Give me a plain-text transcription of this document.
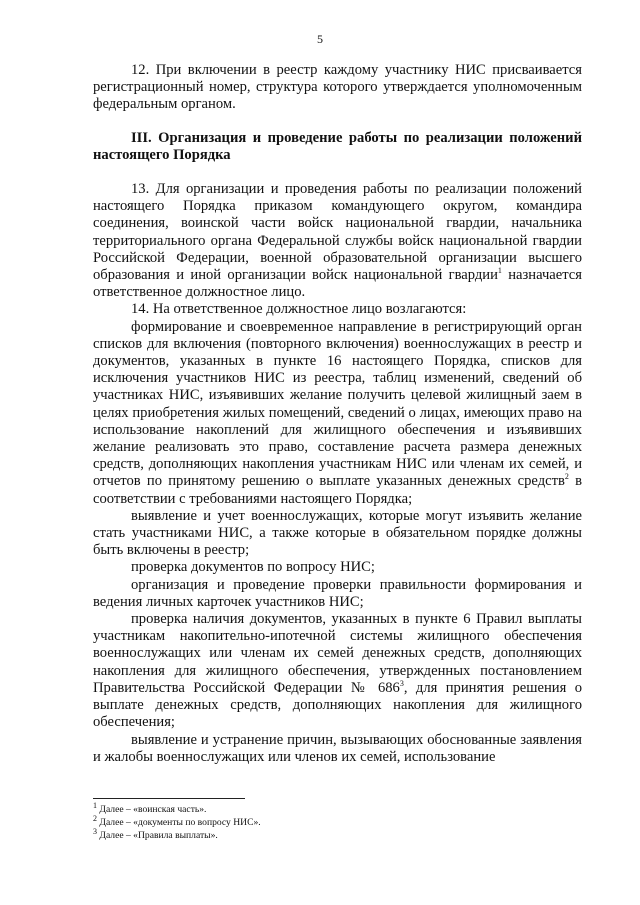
5

12. При включении в реестр каждому участнику НИС присваивается регистрационный номер, структура которого утверждается уполномоченным федеральным органом.

III. Организация и проведение работы по реализации положений настоящего Порядка

13. Для организации и проведения работы по реализации положений настоящего Порядка приказом командующего округом, командира соединения, воинской части войск национальной гвардии, начальника территориального органа Федеральной службы войск национальной гвардии Российской Федерации, военной образовательной организации высшего образования и иной организации войск национальной гвардии$^1$ назначается ответственное должностное лицо.

14. На ответственное должностное лицо возлагаются:

формирование и своевременное направление в регистрирующий орган списков для включения (повторного включения) военнослужащих в реестр и документов, указанных в пункте 16 настоящего Порядка, списков для исключения участников НИС из реестра, таблиц изменений, сведений об участниках НИС, изъявивших желание получить целевой жилищный заем в целях приобретения жилых помещений, сведений о лицах, имеющих право на использование накоплений для жилищного обеспечения и изъявивших желание реализовать это право, составление расчета размера денежных средств, дополняющих накопления участникам НИС или членам их семей, и отчетов по принятому решению о выплате указанных денежных средств$^2$ в соответствии с требованиями настоящего Порядка;

выявление и учет военнослужащих, которые могут изъявить желание стать участниками НИС, а также которые в обязательном порядке должны быть включены в реестр;

проверка документов по вопросу НИС;

организация и проведение проверки правильности формирования и ведения личных карточек участников НИС;

проверка наличия документов, указанных в пункте 6 Правил выплаты участникам накопительно-ипотечной системы жилищного обеспечения военнослужащих или членам их семей денежных средств, дополняющих накопления для жилищного обеспечения, утвержденных постановлением Правительства Российской Федерации № $686^3$, для принятия решения о выплате денежных средств, дополняющих накопления для жилищного обеспечения;

выявление и устранение причин, вызывающих обоснованные заявления и жалобы военнослужащих или членов их семей, использование

$^1$ Далее – «воинская часть».
$^2$ Далее – «документы по вопросу НИС».
$^3$ Далее – «Правила выплаты».
